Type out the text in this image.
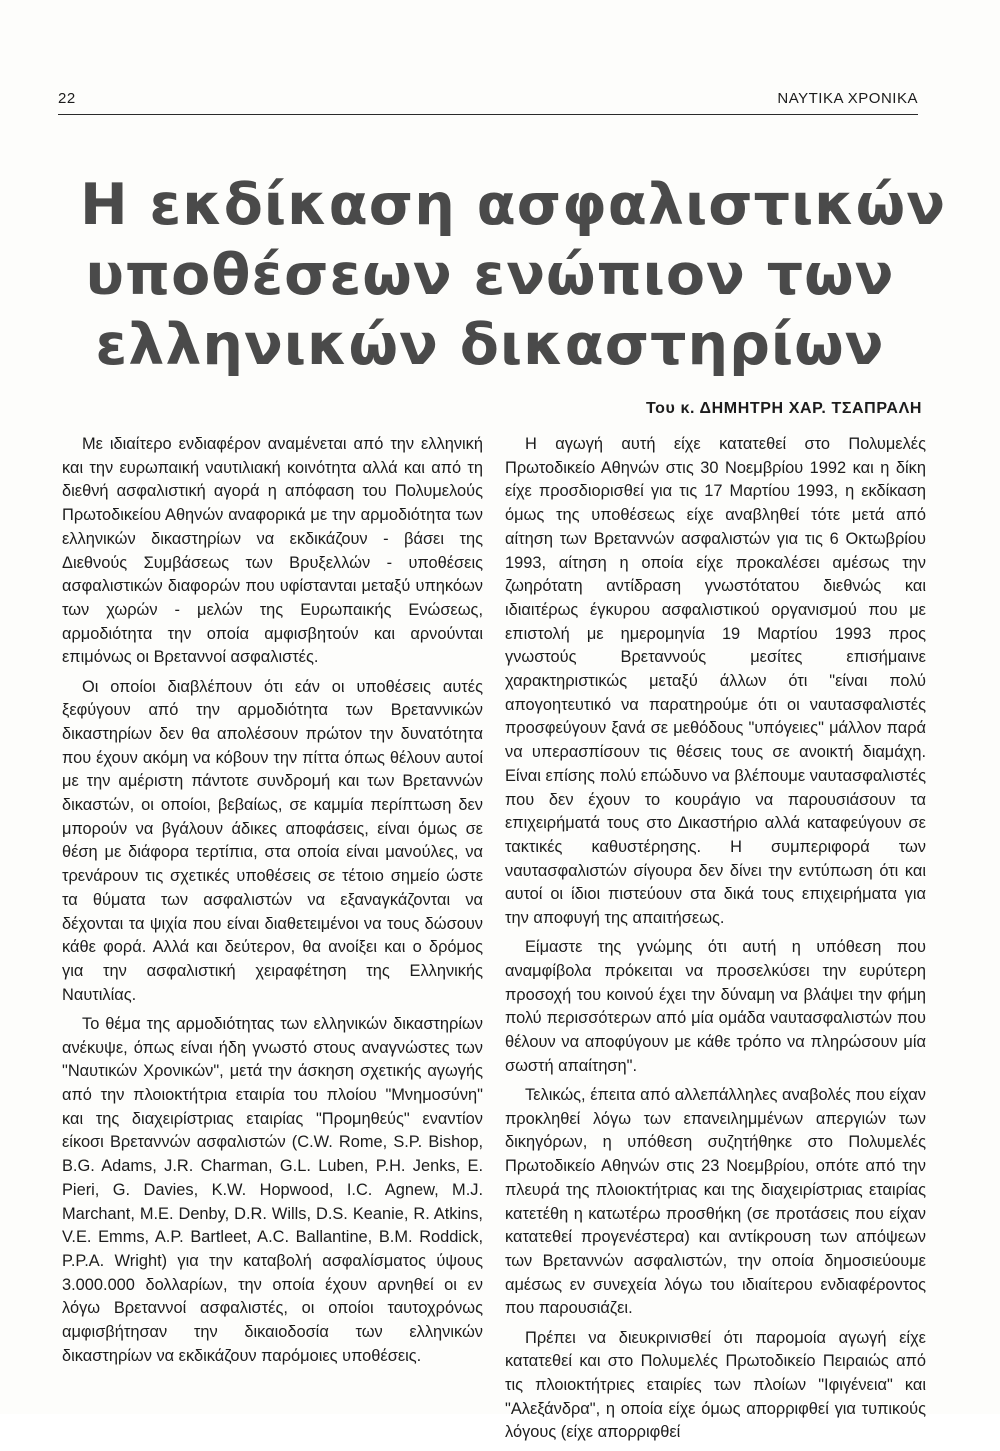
22	ΝΑΥΤΙΚΑ ΧΡΟΝΙΚΑ
Η εκδίκαση ασφαλιστικών
υποθέσεων ενώπιον των
ελληνικών δικαστηρίων
Του κ. ΔΗΜΗΤΡΗ ΧΑΡ. ΤΣΑΠΡΑΛΗ

Με ιδιαίτερο ενδιαφέρον αναμένεται από την ελληνική και την ευρωπαική ναυτιλιακή κοινότητα αλλά και από τη διεθνή ασφαλιστική αγορά η απόφαση του Πολυμελούς Πρωτοδικείου Αθηνών αναφορικά με την αρμοδιότητα των ελληνικών δικαστηρίων να εκδικάζουν - βάσει της Διεθνούς Συμβάσεως των Βρυξελλών - υποθέσεις ασφαλιστικών διαφορών που υφίστανται μεταξύ υπηκόων των χωρών - μελών της Ευρωπαικής Ενώσεως, αρμοδιότητα την οποία αμφισβητούν και αρνούνται επιμόνως οι Βρεταννοί ασφαλιστές.

Οι οποίοι διαβλέπουν ότι εάν οι υποθέσεις αυτές ξεφύγουν από την αρμοδιότητα των Βρεταννικών δικαστηρίων δεν θα απολέσουν πρώτον την δυνατότητα που έχουν ακόμη να κόβουν την πίττα όπως θέλουν αυτοί με την αμέριστη πάντοτε συνδρομή και των Βρεταννών δικαστών, οι οποίοι, βεβαίως, σε καμμία περίπτωση δεν μπορούν να βγάλουν άδικες αποφάσεις, είναι όμως σε θέση με διάφορα τερτίπια, στα οποία είναι μανούλες, να τρενάρουν τις σχετικές υποθέσεις σε τέτοιο σημείο ώστε τα θύματα των ασφαλιστών να εξαναγκάζονται να δέχονται τα ψιχία που είναι διαθετειμένοι να τους δώσουν κάθε φορά. Αλλά και δεύτερον, θα ανοίξει και ο δρόμος για την ασφαλιστική χειραφέτηση της Ελληνικής Ναυτιλίας.

Το θέμα της αρμοδιότητας των ελληνικών δικαστηρίων ανέκυψε, όπως είναι ήδη γνωστό στους αναγνώστες των "Ναυτικών Χρονικών", μετά την άσκηση σχετικής αγωγής από την πλοιοκτήτρια εταιρία του πλοίου "Μνημοσύνη" και της διαχειρίστριας εταιρίας "Προμηθεύς" εναντίον είκοσι Βρεταννών ασφαλιστών (C.W. Rome, S.P. Bishop, B.G. Adams, J.R. Charman, G.L. Luben, P.H. Jenks, E. Pieri, G. Davies, K.W. Hopwood, I.C. Agnew, M.J. Marchant, M.E. Denby, D.R. Wills, D.S. Keanie, R. Atkins, V.E. Emms, A.P. Bartleet, A.C. Ballantine, B.M. Roddick, P.P.A. Wright) για την καταβολή ασφαλίσματος ύψους 3.000.000 δολλαρίων, την οποία έχουν αρνηθεί οι εν λόγω Βρεταννοί ασφαλιστές, οι οποίοι ταυτοχρόνως αμφισβήτησαν την δικαιοδοσία των ελληνικών δικαστηρίων να εκδικάζουν παρόμοιες υποθέσεις.

Η αγωγή αυτή είχε κατατεθεί στο Πολυμελές Πρωτοδικείο Αθηνών στις 30 Νοεμβρίου 1992 και η δίκη είχε προσδιορισθεί για τις 17 Μαρτίου 1993, η εκδίκαση όμως της υποθέσεως είχε αναβληθεί τότε μετά από αίτηση των Βρεταννών ασφαλιστών για τις 6 Οκτωβρίου 1993, αίτηση η οποία είχε προκαλέσει αμέσως την ζωηρότατη αντίδραση γνωστότατου διεθνώς και ιδιαιτέρως έγκυρου ασφαλιστικού οργανισμού που με επιστολή με ημερομηνία 19 Μαρτίου 1993 προς γνωστούς Βρεταννούς μεσίτες επισήμαινε χαρακτηριστικώς μεταξύ άλλων ότι "είναι πολύ απογοητευτικό να παρατηρούμε ότι οι ναυτασφαλιστές προσφεύγουν ξανά σε μεθόδους "υπόγειες" μάλλον παρά να υπερασπίσουν τις θέσεις τους σε ανοικτή διαμάχη. Είναι επίσης πολύ επώδυνο να βλέπουμε ναυτασφαλιστές που δεν έχουν το κουράγιο να παρουσιάσουν τα επιχειρήματά τους στο Δικαστήριο αλλά καταφεύγουν σε τακτικές καθυστέρησης. Η συμπεριφορά των ναυτασφαλιστών σίγουρα δεν δίνει την εντύπωση ότι και αυτοί οι ίδιοι πιστεύουν στα δικά τους επιχειρήματα για την αποφυγή της απαιτήσεως.

Είμαστε της γνώμης ότι αυτή η υπόθεση που αναμφίβολα πρόκειται να προσελκύσει την ευρύτερη προσοχή του κοινού έχει την δύναμη να βλάψει την φήμη πολύ περισσότερων από μία ομάδα ναυτασφαλιστών που θέλουν να αποφύγουν με κάθε τρόπο να πληρώσουν μία σωστή απαίτηση".

Τελικώς, έπειτα από αλλεπάλληλες αναβολές που είχαν προκληθεί λόγω των επανειλημμένων απεργιών των δικηγόρων, η υπόθεση συζητήθηκε στο Πολυμελές Πρωτοδικείο Αθηνών στις 23 Νοεμβρίου, οπότε από την πλευρά της πλοιοκτήτριας και της διαχειρίστριας εταιρίας κατετέθη η κατωτέρω προσθήκη (σε προτάσεις που είχαν κατατεθεί προγενέστερα) και αντίκρουση των απόψεων των Βρεταννών ασφαλιστών, την οποία δημοσιεύουμε αμέσως εν συνεχεία λόγω του ιδιαίτερου ενδιαφέροντος που παρουσιάζει.

Πρέπει να διευκρινισθεί ότι παρομοία αγωγή είχε κατατεθεί και στο Πολυμελές Πρωτοδικείο Πειραιώς από τις πλοιοκτήτριες εταιρίες των πλοίων "Ιφιγένεια" και "Αλεξάνδρα", η οποία είχε όμως απορριφθεί για τυπικούς λόγους (είχε απορριφθεί
